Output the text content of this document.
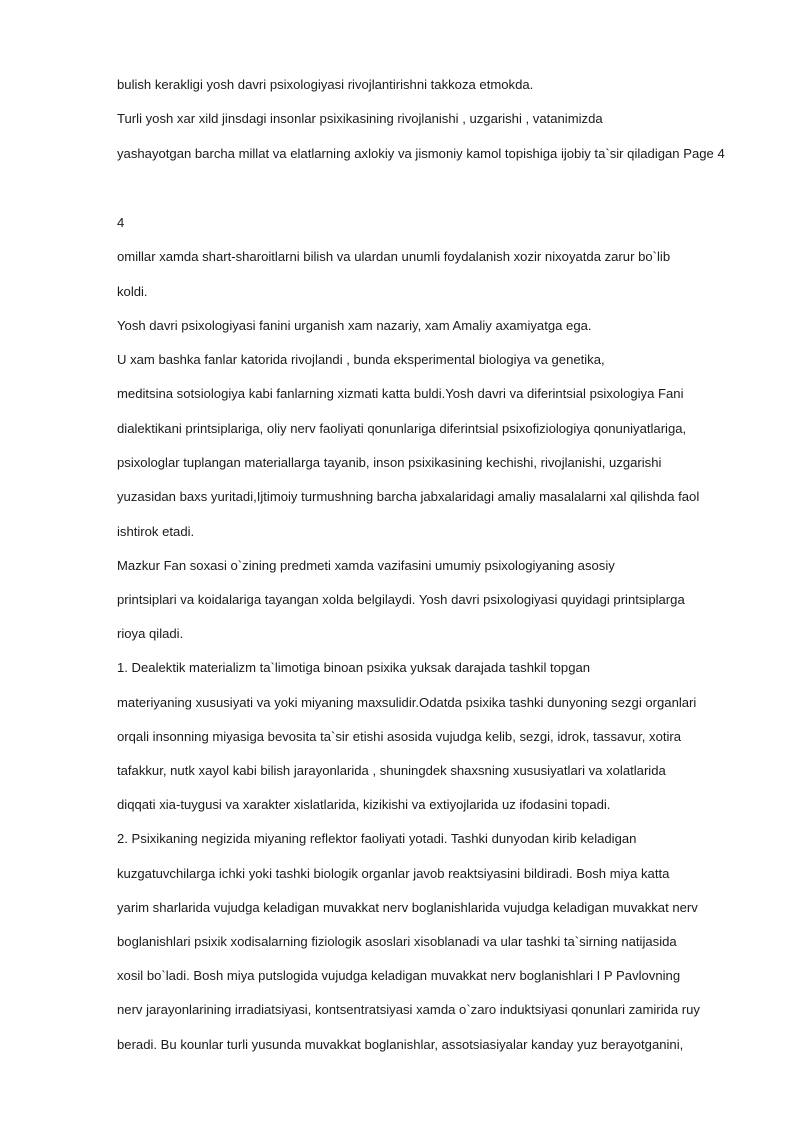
bulish kerakligi yosh davri psixologiyasi rivojlantirishni takkoza etmokda.
Turli yosh xar xild jinsdagi insonlar psixikasining rivojlanishi , uzgarishi , vatanimizda
yashayotgan barcha millat va elatlarning axlokiy va jismoniy kamol topishiga ijobiy ta`sir qiladigan Page 4
4
omillar xamda shart-sharoitlarni bilish va ulardan unumli foydalanish xozir nixoyatda zarur bo`lib
koldi.
Yosh davri psixologiyasi fanini urganish xam nazariy, xam Amaliy axamiyatga ega.
U xam bashka fanlar katorida rivojlandi , bunda eksperimental biologiya va genetika,
meditsina sotsiologiya kabi fanlarning xizmati katta buldi.Yosh davri va diferintsial psixologiya Fani
dialektikani printsiplariga, oliy nerv faoliyati qonunlariga diferintsial psixofiziologiya qonuniyatlariga,
psixologlar tuplangan materiallarga tayanib, inson psixikasining kechishi, rivojlanishi, uzgarishi
yuzasidan baxs yuritadi,Ijtimoiy turmushning barcha jabxalaridagi amaliy masalalarni xal qilishda faol
ishtirok etadi.
Mazkur Fan soxasi o`zining predmeti xamda vazifasini umumiy psixologiyaning asosiy
printsiplari va koidalariga tayangan xolda belgilaydi. Yosh davri psixologiyasi quyidagi printsiplarga
rioya qiladi.
1. Dealektik materializm ta`limotiga binoan psixika yuksak darajada tashkil topgan
materiyaning xususiyati va yoki miyaning maxsulidir.Odatda psixika tashki dunyoning sezgi organlari
orqali insonning miyasiga bevosita ta`sir etishi asosida vujudga kelib, sezgi, idrok, tassavur, xotira
tafakkur, nutk xayol kabi bilish jarayonlarida , shuningdek shaxsning xususiyatlari va xolatlarida
diqqati xia-tuygusi va xarakter xislatlarida, kizikishi va extiyojlarida uz ifodasini topadi.
2. Psixikaning negizida miyaning reflektor faoliyati yotadi. Tashki dunyodan kirib keladigan
kuzgatuvchilarga ichki yoki tashki biologik organlar javob reaktsiyasini bildiradi. Bosh miya katta
yarim sharlarida vujudga keladigan muvakkat nerv boglanishlarida vujudga keladigan muvakkat nerv
boglanishlari psixik xodisalarning fiziologik asoslari xisoblanadi va ular tashki ta`sirning natijasida
xosil bo`ladi. Bosh miya putslogida vujudga keladigan muvakkat nerv boglanishlari I P Pavlovning
nerv jarayonlarining irradiatsiyasi, kontsentratsiyasi xamda o`zaro induktsiyasi qonunlari zamirida ruy
beradi. Bu kounlar turli yusunda muvakkat boglanishlar, assotsiasiyalar kanday yuz berayotganini,
